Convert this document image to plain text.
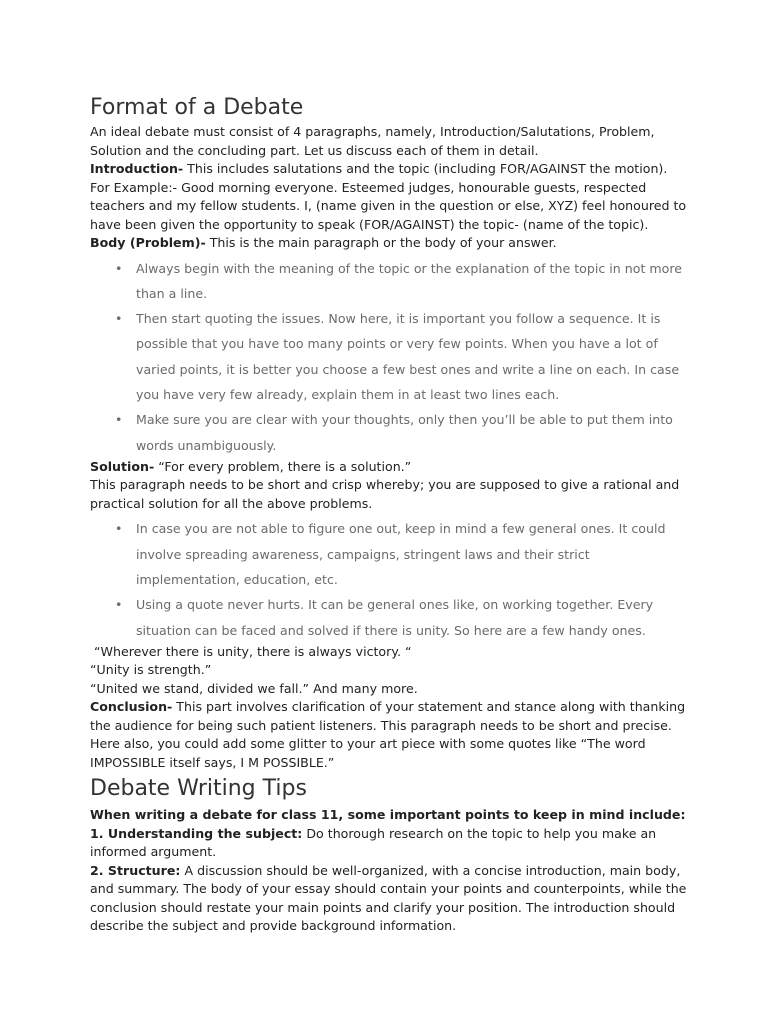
Format of a Debate

An ideal debate must consist of 4 paragraphs, namely, Introduction/Salutations, Problem, Solution and the concluding part. Let us discuss each of them in detail.

Introduction- This includes salutations and the topic (including FOR/AGAINST the motion).

For Example:- Good morning everyone. Esteemed judges, honourable guests, respected teachers and my fellow students. I, (name given in the question or else, XYZ) feel honoured to have been given the opportunity to speak (FOR/AGAINST) the topic- (name of the topic).

Body (Problem)- This is the main paragraph or the body of your answer.

• Always begin with the meaning of the topic or the explanation of the topic in not more than a line.
• Then start quoting the issues. Now here, it is important you follow a sequence. It is possible that you have too many points or very few points. When you have a lot of varied points, it is better you choose a few best ones and write a line on each. In case you have very few already, explain them in at least two lines each.
• Make sure you are clear with your thoughts, only then you’ll be able to put them into words unambiguously.

Solution- “For every problem, there is a solution.”

This paragraph needs to be short and crisp whereby; you are supposed to give a rational and practical solution for all the above problems.

• In case you are not able to figure one out, keep in mind a few general ones. It could involve spreading awareness, campaigns, stringent laws and their strict implementation, education, etc.
• Using a quote never hurts. It can be general ones like, on working together. Every situation can be faced and solved if there is unity. So here are a few handy ones.

“Wherever there is unity, there is always victory. “

“Unity is strength.”

“United we stand, divided we fall.” And many more.

Conclusion- This part involves clarification of your statement and stance along with thanking the audience for being such patient listeners. This paragraph needs to be short and precise. Here also, you could add some glitter to your art piece with some quotes like “The word IMPOSSIBLE itself says, I M POSSIBLE.”

Debate Writing Tips

When writing a debate for class 11, some important points to keep in mind include:

1. Understanding the subject: Do thorough research on the topic to help you make an informed argument.

2. Structure: A discussion should be well-organized, with a concise introduction, main body, and summary. The body of your essay should contain your points and counterpoints, while the conclusion should restate your main points and clarify your position. The introduction should describe the subject and provide background information.
